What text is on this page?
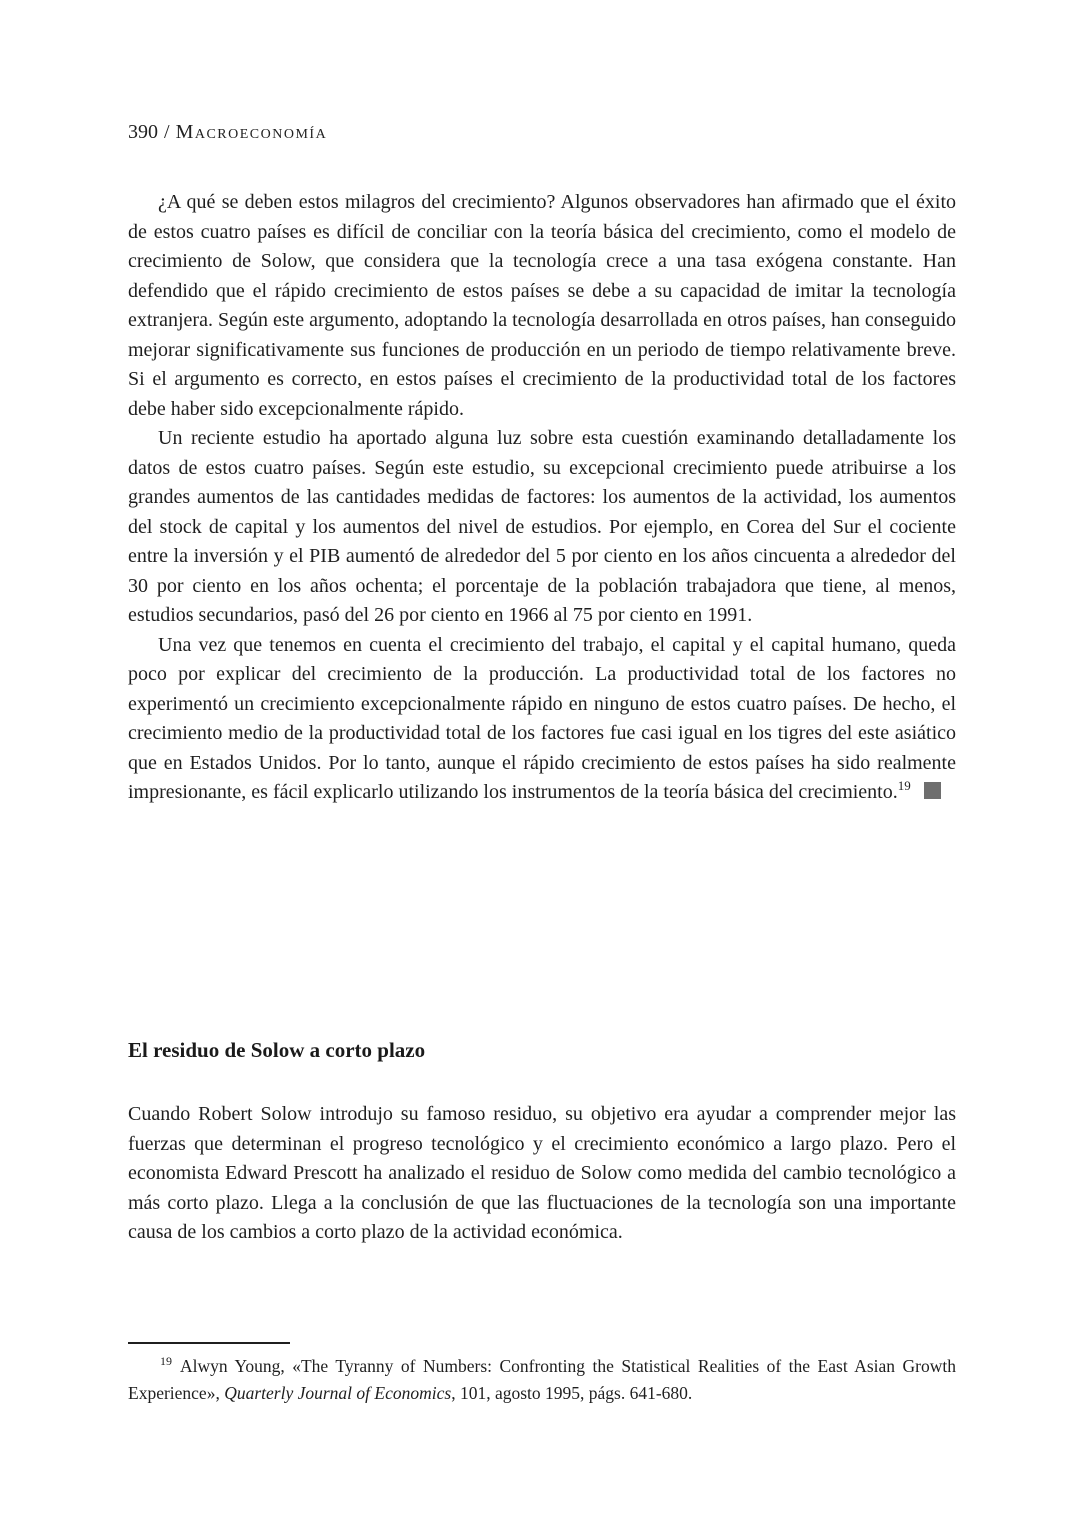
390 / Macroeconomía

¿A qué se deben estos milagros del crecimiento? Algunos observadores han afirmado que el éxito de estos cuatro países es difícil de conciliar con la teoría básica del crecimiento, como el modelo de crecimiento de Solow, que considera que la tecnología crece a una tasa exógena constante. Han defendido que el rápido crecimiento de estos países se debe a su capacidad de imitar la tecnología extranjera. Según este argumento, adoptando la tecnología desarrollada en otros países, han conseguido mejorar significativamente sus funciones de producción en un periodo de tiempo relativamente breve. Si el argumento es correcto, en estos países el crecimiento de la productividad total de los factores debe haber sido excepcionalmente rápido.

Un reciente estudio ha aportado alguna luz sobre esta cuestión examinando detalladamente los datos de estos cuatro países. Según este estudio, su excepcional crecimiento puede atribuirse a los grandes aumentos de las cantidades medidas de factores: los aumentos de la actividad, los aumentos del stock de capital y los aumentos del nivel de estudios. Por ejemplo, en Corea del Sur el cociente entre la inversión y el PIB aumentó de alrededor del 5 por ciento en los años cincuenta a alrededor del 30 por ciento en los años ochenta; el porcentaje de la población trabajadora que tiene, al menos, estudios secundarios, pasó del 26 por ciento en 1966 al 75 por ciento en 1991.

Una vez que tenemos en cuenta el crecimiento del trabajo, el capital y el capital humano, queda poco por explicar del crecimiento de la producción. La productividad total de los factores no experimentó un crecimiento excepcionalmente rápido en ninguno de estos cuatro países. De hecho, el crecimiento medio de la productividad total de los factores fue casi igual en los tigres del este asiático que en Estados Unidos. Por lo tanto, aunque el rápido crecimiento de estos países ha sido realmente impresionante, es fácil explicarlo utilizando los instrumentos de la teoría básica del crecimiento.$^{19}$

El residuo de Solow a corto plazo

Cuando Robert Solow introdujo su famoso residuo, su objetivo era ayudar a comprender mejor las fuerzas que determinan el progreso tecnológico y el crecimiento económico a largo plazo. Pero el economista Edward Prescott ha analizado el residuo de Solow como medida del cambio tecnológico a más corto plazo. Llega a la conclusión de que las fluctuaciones de la tecnología son una importante causa de los cambios a corto plazo de la actividad económica.

$^{19}$ Alwyn Young, «The Tyranny of Numbers: Confronting the Statistical Realities of the East Asian Growth Experience», Quarterly Journal of Economics, 101, agosto 1995, págs. 641-680.
